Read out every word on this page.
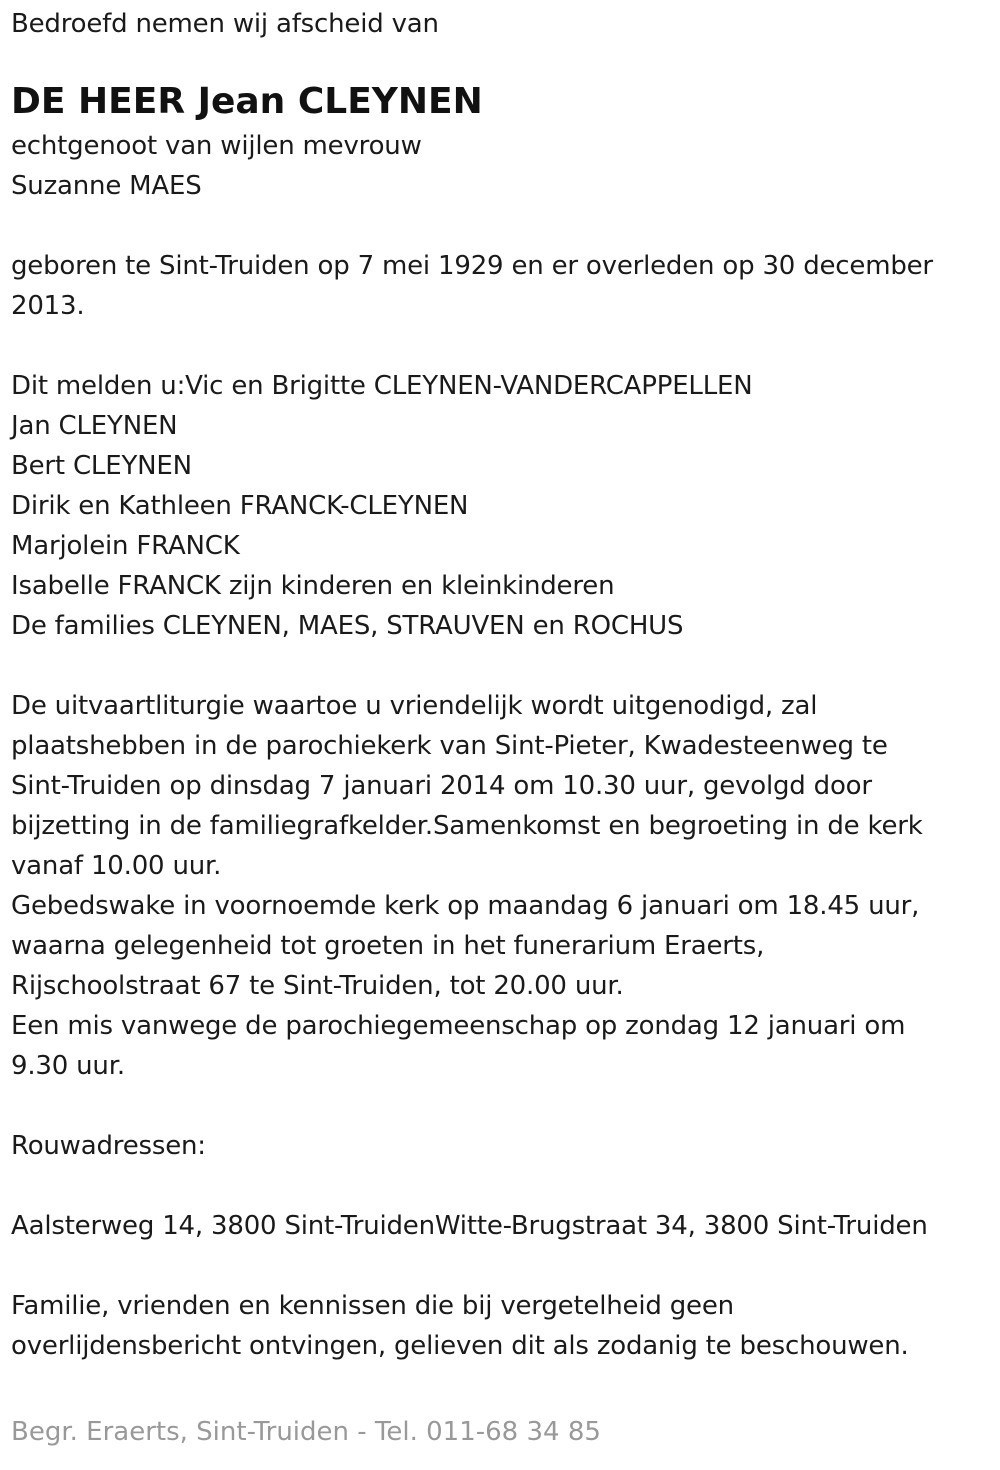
Bedroefd nemen wij afscheid van
DE HEER Jean CLEYNEN
echtgenoot van wijlen mevrouw
Suzanne MAES
geboren te Sint-Truiden op 7 mei 1929 en er overleden op 30 december
2013.
Dit melden u:Vic en Brigitte CLEYNEN-VANDERCAPPELLEN
Jan CLEYNEN
Bert CLEYNEN
Dirik en Kathleen FRANCK-CLEYNEN
Marjolein FRANCK
Isabelle FRANCK zijn kinderen en kleinkinderen
De families CLEYNEN, MAES, STRAUVEN en ROCHUS
De uitvaartliturgie waartoe u vriendelijk wordt uitgenodigd, zal
plaatshebben in de parochiekerk van Sint-Pieter, Kwadesteenweg te
Sint-Truiden op dinsdag 7 januari 2014 om 10.30 uur, gevolgd door
bijzetting in de familiegrafkelder.Samenkomst en begroeting in de kerk
vanaf 10.00 uur.
Gebedswake in voornoemde kerk op maandag 6 januari om 18.45 uur,
waarna gelegenheid tot groeten in het funerarium Eraerts,
Rijschoolstraat 67 te Sint-Truiden, tot 20.00 uur.
Een mis vanwege de parochiegemeenschap op zondag 12 januari om
9.30 uur.
Rouwadressen:
Aalsterweg 14, 3800 Sint-TruidenWitte-Brugstraat 34, 3800 Sint-Truiden
Familie, vrienden en kennissen die bij vergetelheid geen
overlijdensbericht ontvingen, gelieven dit als zodanig te beschouwen.
Begr. Eraerts, Sint-Truiden - Tel. 011-68 34 85
